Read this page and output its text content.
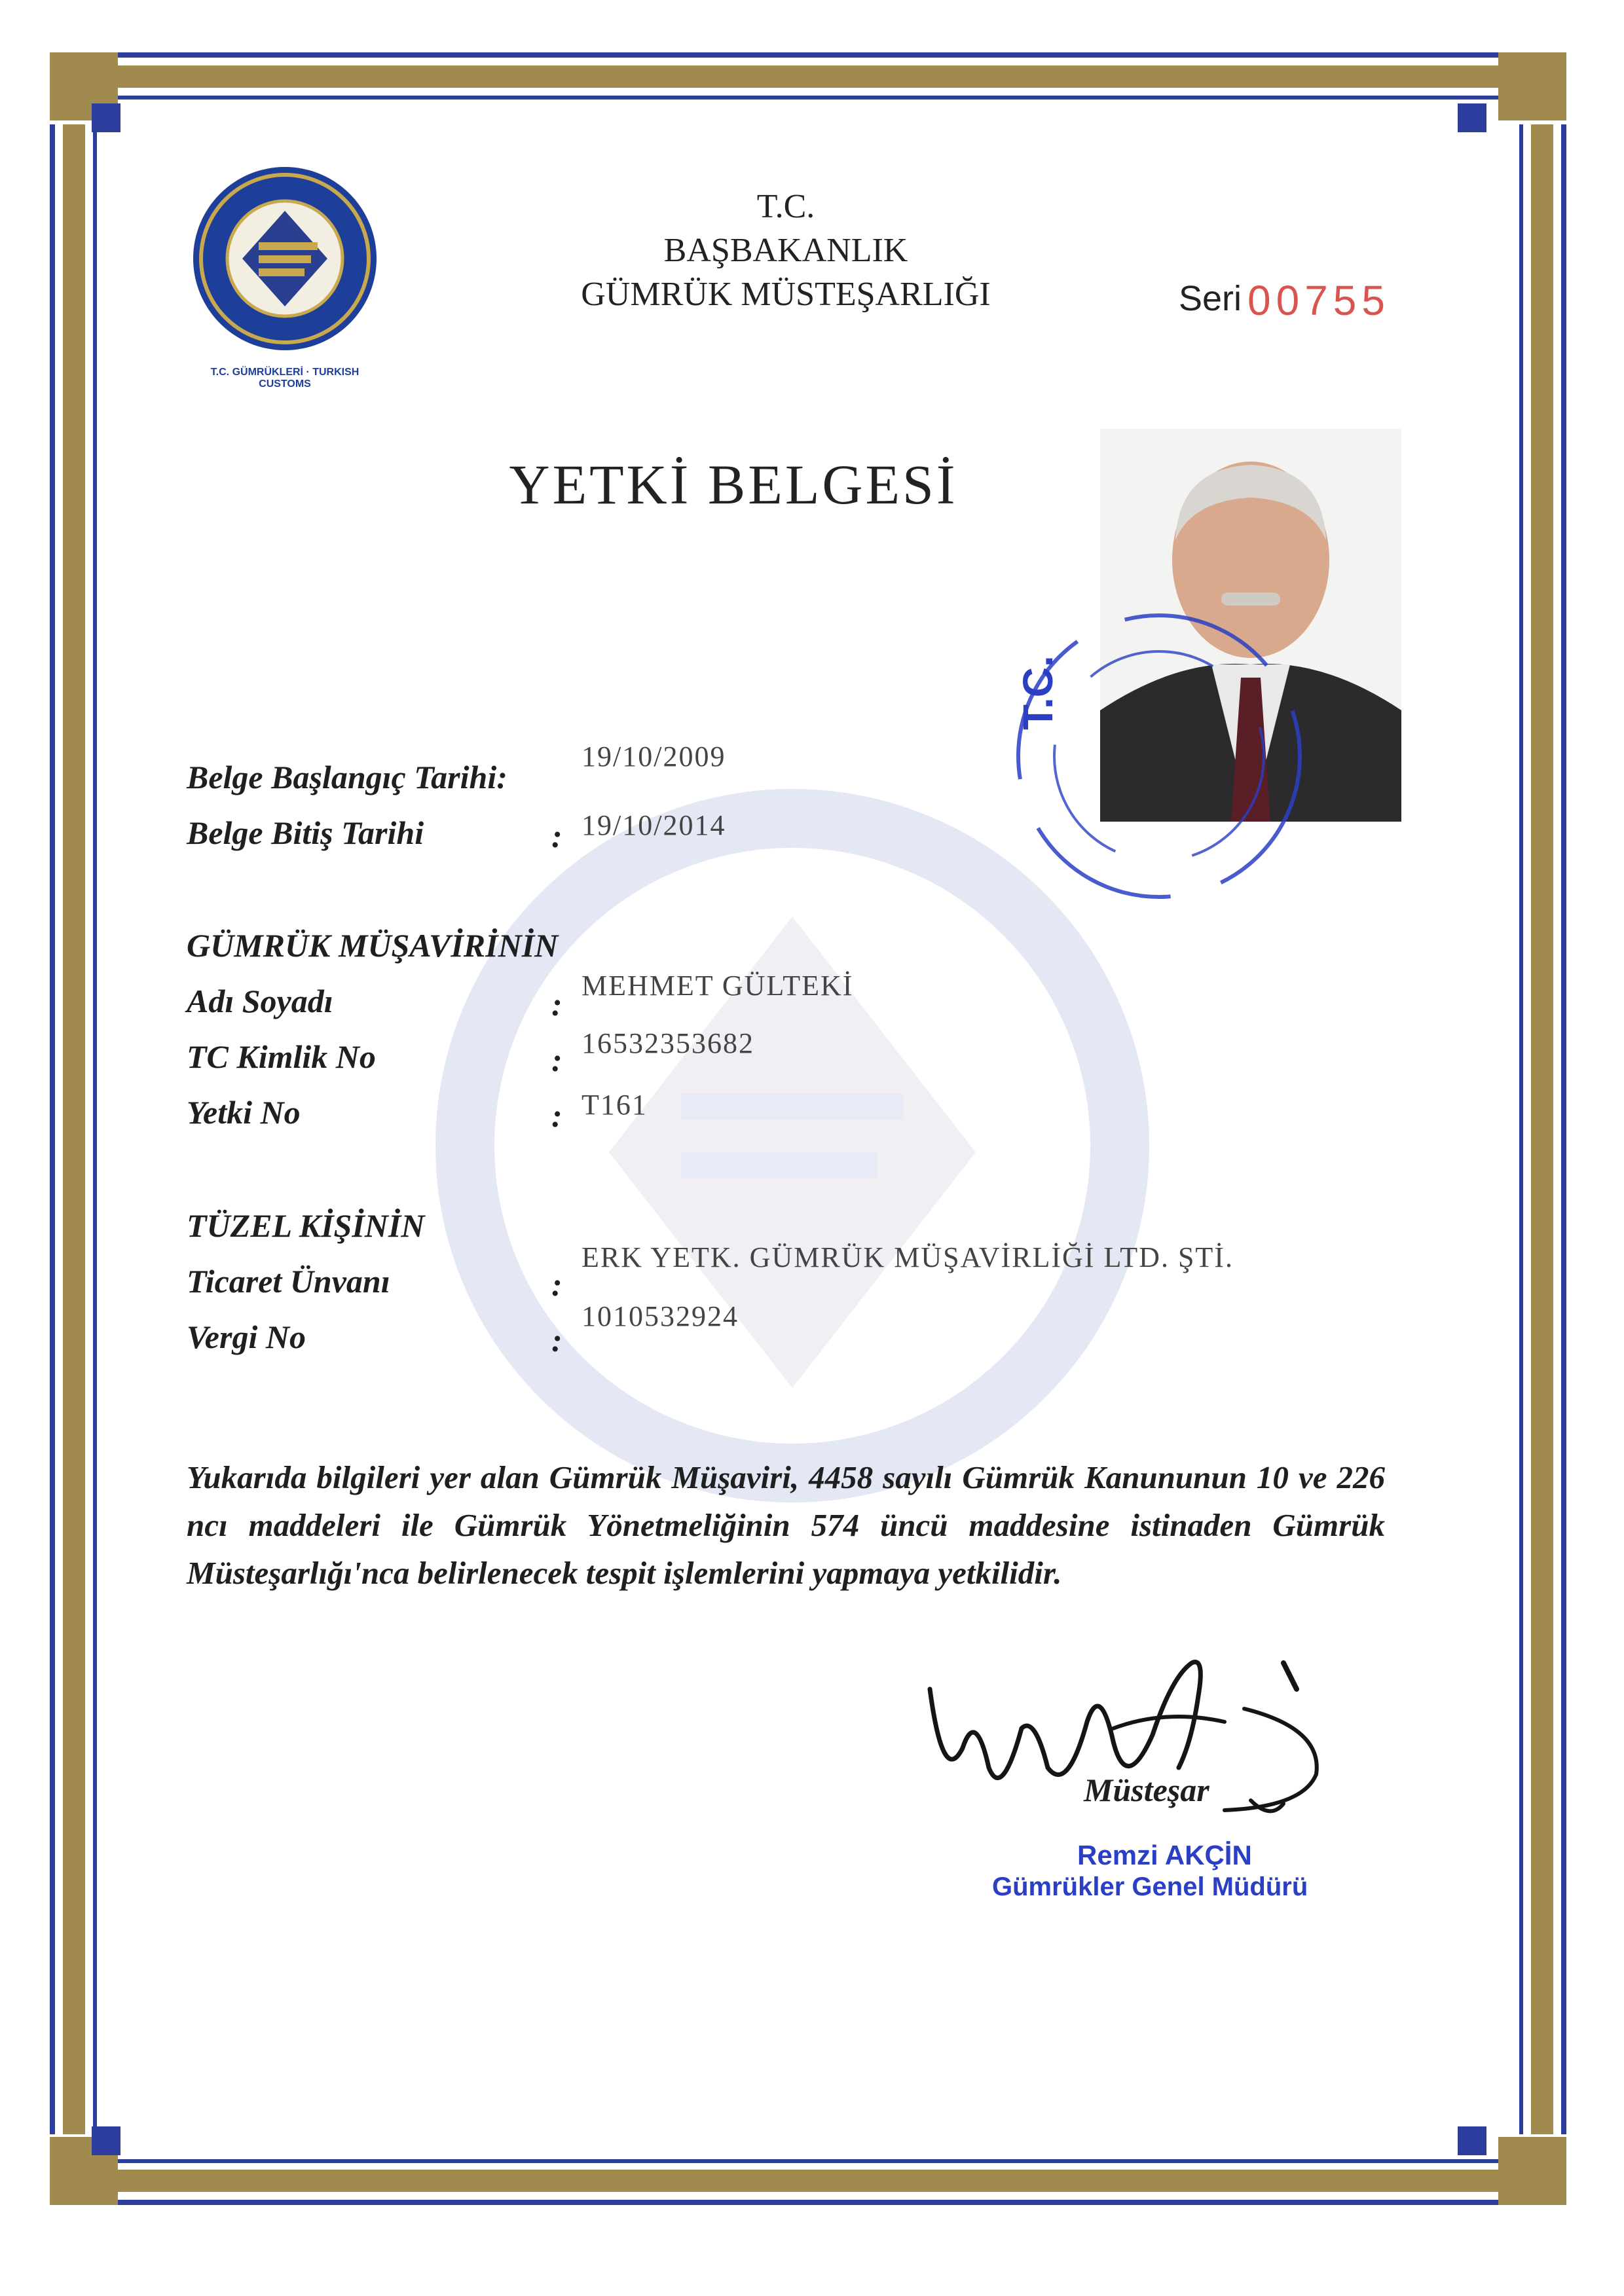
T.C. GÜMRÜKLERİ · TURKISH CUSTOMS
T.C.
BAŞBAKANLIK
GÜMRÜK MÜSTEŞARLIĞI	Seri 00755
YETKİ BELGESİ
T.C.
Belge Başlangıç Tarihi:
19/10/2009
Belge Bitiş Tarihi	: 19/10/2014
GÜMRÜK MÜŞAVİRİNİN
Adı Soyadı	:
MEHMET GÜLTEKİ
TC Kimlik No	: 16532353682
Yetki No	: T161
TÜZEL KİŞİNİN
Ticaret Ünvanı	:
ERK YETK. GÜMRÜK MÜŞAVİRLİĞİ LTD. ŞTİ.
Vergi No	:
1010532924
Yukarıda bilgileri yer alan Gümrük Müşaviri, 4458 sayılı Gümrük Kanununun 10 ve 226 ncı maddeleri ile Gümrük Yönetmeliğinin 574 üncü maddesine istinaden Gümrük Müsteşarlığı'nca belirlenecek tespit işlemlerini yapmaya yetkilidir.
Müsteşar
Remzi AKÇİN
Gümrükler Genel Müdürü
